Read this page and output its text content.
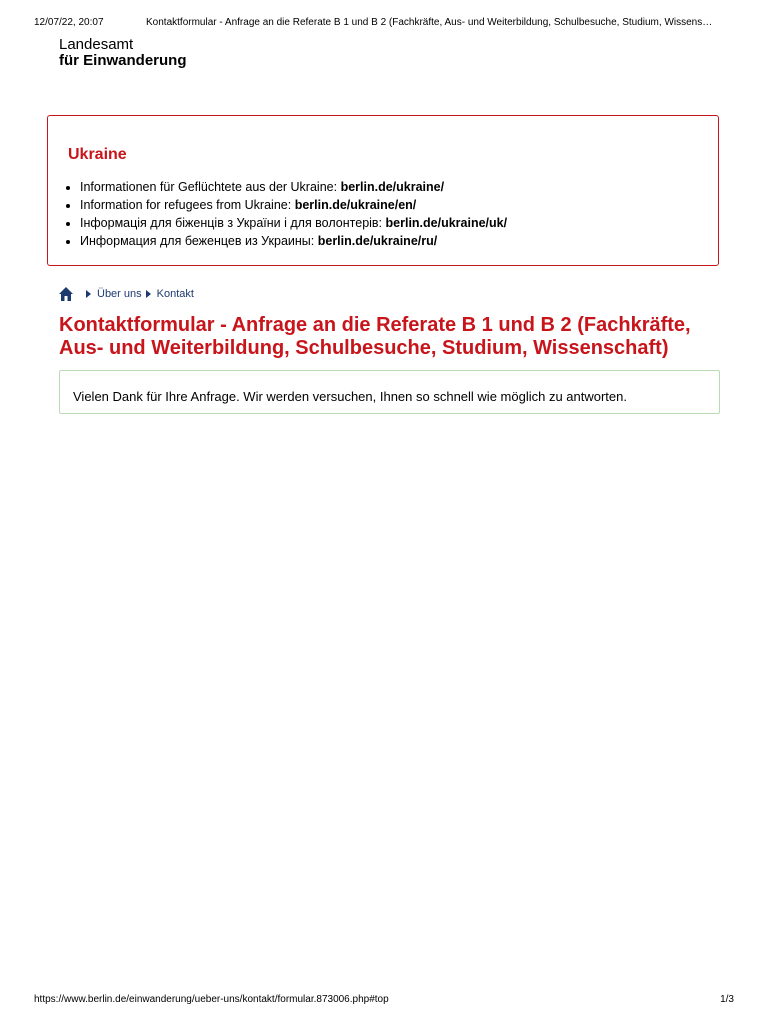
12/07/22, 20:07	Kontaktformular - Anfrage an die Referate B 1 und B 2 (Fachkräfte, Aus- und Weiterbildung, Schulbesuche, Studium, Wissens…
Landesamt
für Einwanderung
Ukraine
• Informationen für Geflüchtete aus der Ukraine: berlin.de/ukraine/
• Information for refugees from Ukraine: berlin.de/ukraine/en/
• Інформація для біженців з України і для волонтерів: berlin.de/ukraine/uk/
• Информация для беженцев из Украины: berlin.de/ukraine/ru/
Über uns Kontakt
Kontaktformular - Anfrage an die Referate B 1 und B 2 (Fachkräfte, Aus- und Weiterbildung, Schulbesuche, Studium, Wissenschaft)
Vielen Dank für Ihre Anfrage. Wir werden versuchen, Ihnen so schnell wie möglich zu antworten.
https://www.berlin.de/einwanderung/ueber-uns/kontakt/formular.873006.php#top	1/3
